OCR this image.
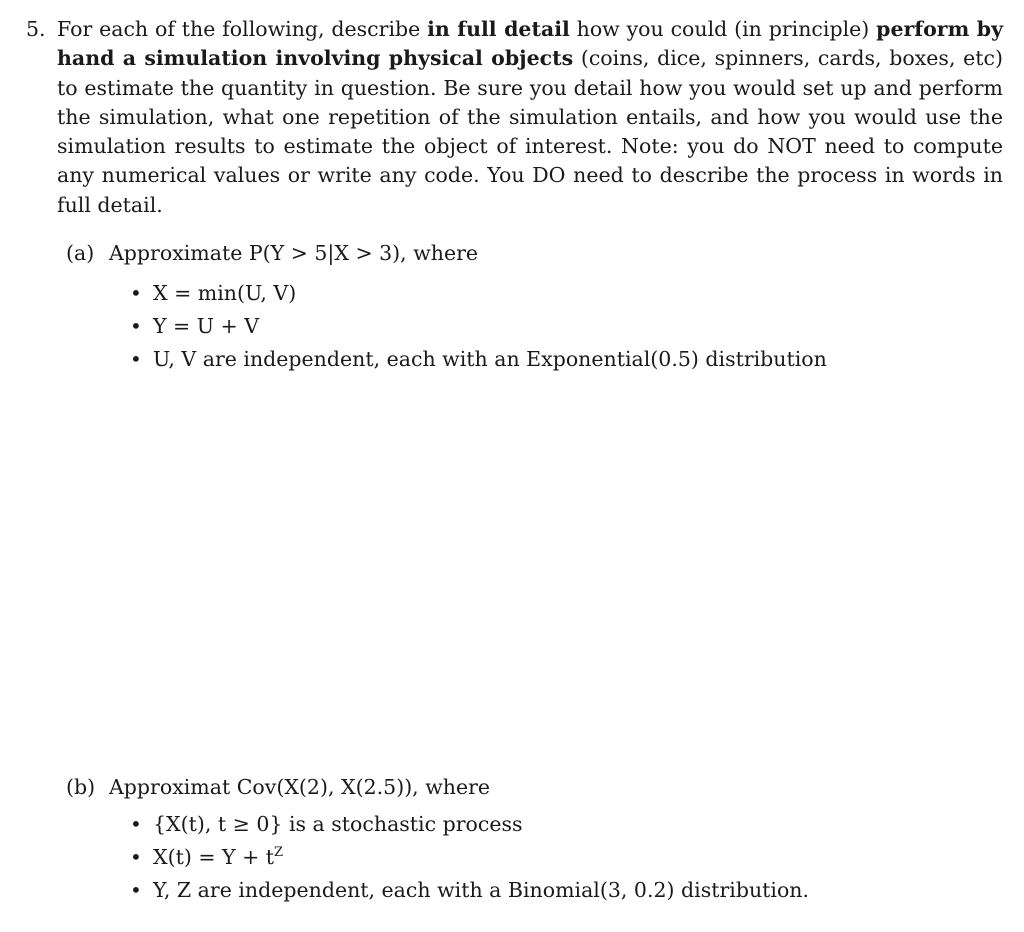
5. For each of the following, describe in full detail how you could (in principle) perform by hand a simulation involving physical objects (coins, dice, spinners, cards, boxes, etc) to estimate the quantity in question. Be sure you detail how you would set up and perform the simulation, what one repetition of the simulation entails, and how you would use the simulation results to estimate the object of interest. Note: you do NOT need to compute any numerical values or write any code. You DO need to describe the process in words in full detail.
(a) Approximate P(Y > 5|X > 3), where
• X = min(U, V)
• Y = U + V
• U, V are independent, each with an Exponential(0.5) distribution
(b) Approximat Cov(X(2), X(2.5)), where
• {X(t), t ≥ 0} is a stochastic process
• $X(t) = Y + t^Z$
• Y, Z are independent, each with a Binomial(3, 0.2) distribution.
